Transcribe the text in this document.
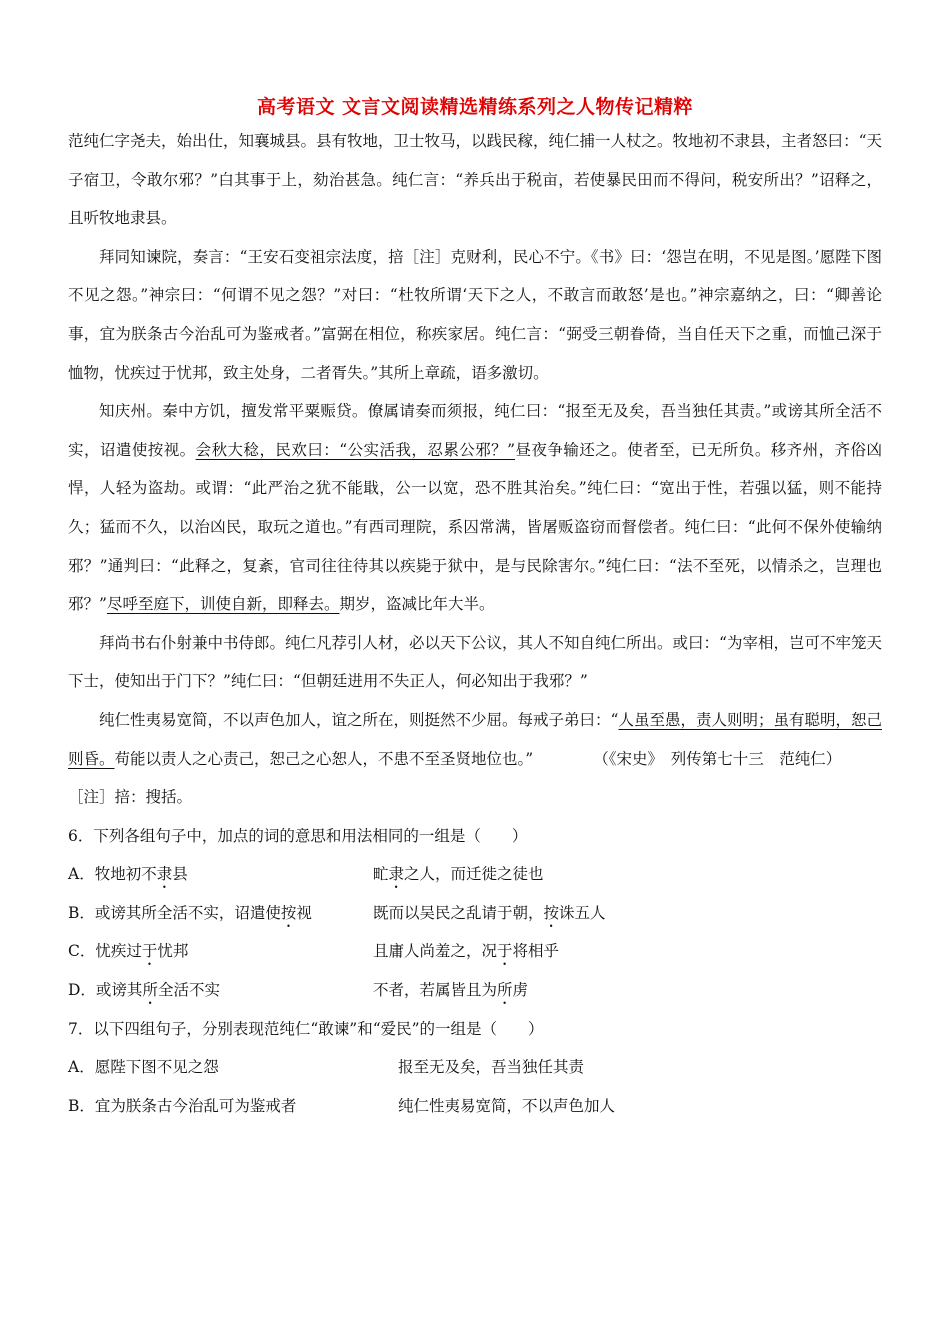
高考语文 文言文阅读精选精练系列之人物传记精粹

范纯仁字尧夫，始出仕，知襄城县。县有牧地，卫士牧马，以践民稼，纯仁捕一人杖之。牧地初不隶县，主者怒曰：“天子宿卫，令敢尔邪？”白其事于上，劾治甚急。纯仁言：“养兵出于税亩，若使暴民田而不得问，税安所出？”诏释之，且听牧地隶县。

拜同知谏院，奏言：“王安石变祖宗法度，掊［注］克财利，民心不宁。《书》曰：‘怨岂在明，不见是图。’愿陛下图不见之怨。”神宗曰：“何谓不见之怨？”对曰：“杜牧所谓‘天下之人，不敢言而敢怒’是也。”神宗嘉纳之，曰：“卿善论事，宜为朕条古今治乱可为鉴戒者。”富弼在相位，称疾家居。纯仁言：“弼受三朝眷倚，当自任天下之重，而恤己深于恤物，忧疾过于忧邦，致主处身，二者胥失。”其所上章疏，语多激切。

知庆州。秦中方饥，擅发常平粟赈贷。僚属请奏而须报，纯仁曰：“报至无及矣，吾当独任其责。”或谤其所全活不实，诏遣使按视。会秋大稔，民欢曰：“公实活我，忍累公邪？”昼夜争输还之。使者至，已无所负。移齐州，齐俗凶悍，人轻为盗劫。或谓：“此严治之犹不能戢，公一以宽，恐不胜其治矣。”纯仁曰：“宽出于性，若强以猛，则不能持久；猛而不久，以治凶民，取玩之道也。”有西司理院，系囚常满，皆屠贩盗窃而督偿者。纯仁曰：“此何不保外使输纳邪？”通判曰：“此释之，复紊，官司往往待其以疾毙于狱中，是与民除害尔。”纯仁曰：“法不至死，以情杀之，岂理也邪？”尽呼至庭下，训使自新，即释去。期岁，盗减比年大半。

拜尚书右仆射兼中书侍郎。纯仁凡荐引人材，必以天下公议，其人不知自纯仁所出。或曰：“为宰相，岂可不牢笼天下士，使知出于门下？”纯仁曰：“但朝廷进用不失正人，何必知出于我邪？”

纯仁性夷易宽简，不以声色加人，谊之所在，则挺然不少屈。每戒子弟曰：“人虽至愚，责人则明；虽有聪明，恕己则昏。苟能以责人之心责己，恕己之心恕人，不患不至圣贤地位也。”	（《宋史》　列传第七十三　范纯仁）

［注］掊：搜括。

6．下列各组句子中，加点的词的意思和用法相同的一组是（　　）

A．牧地初不隶县	甿隶之人，而迁徙之徒也
B．或谤其所全活不实，诏遣使按视	既而以吴民之乱请于朝，按诛五人
C．忧疾过于忧邦	且庸人尚羞之，况于将相乎
D．或谤其所全活不实	不者，若属皆且为所虏

7．以下四组句子，分别表现范纯仁“敢谏”和“爱民”的一组是（　　）

A．愿陛下图不见之怨	报至无及矣，吾当独任其责
B．宜为朕条古今治乱可为鉴戒者	纯仁性夷易宽简，不以声色加人
